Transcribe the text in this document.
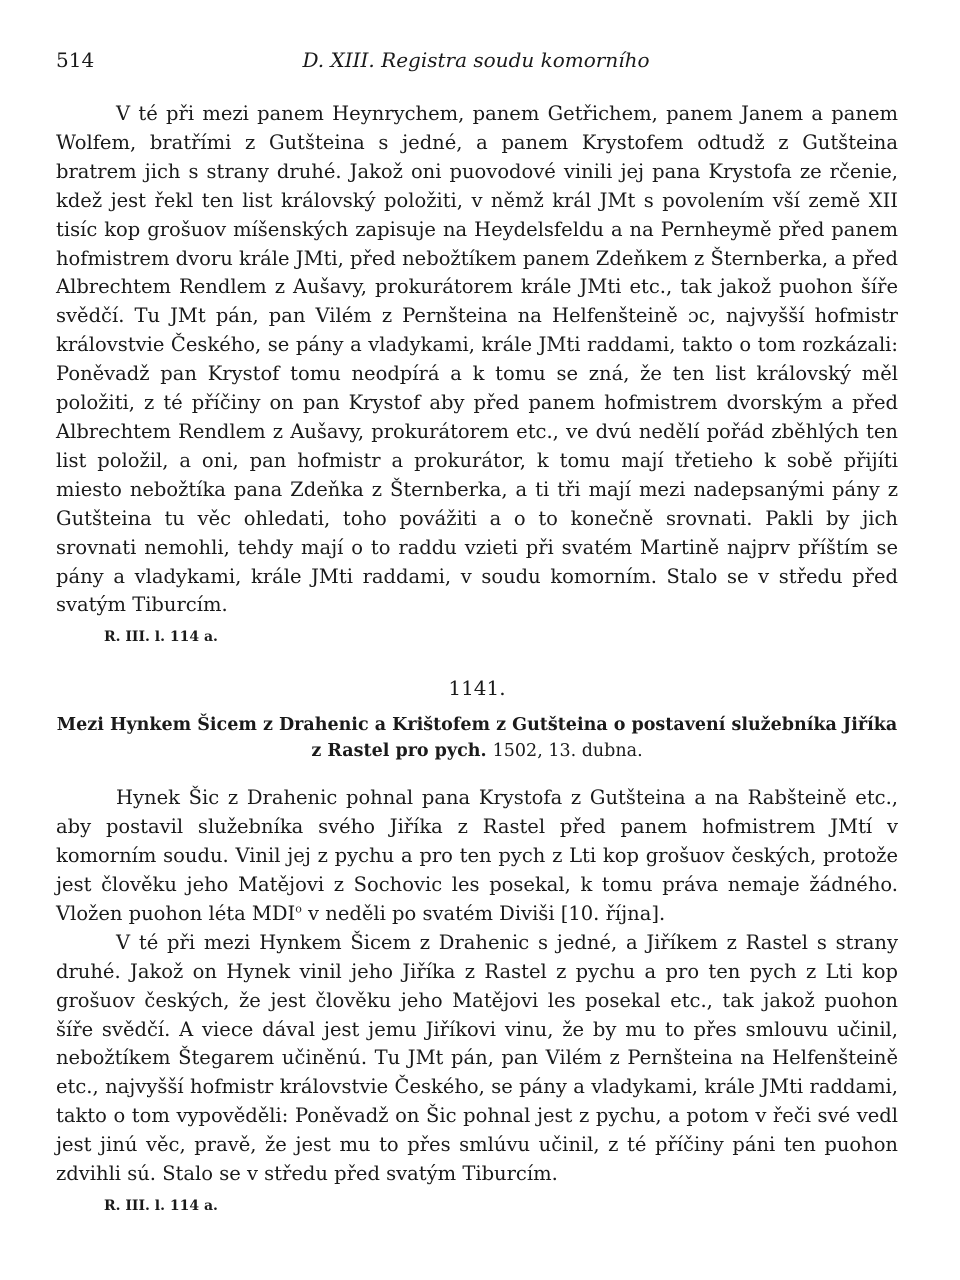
514	D. XIII. Registra soudu komorního

V té při mezi panem Heynrychem, panem Getřichem, panem Janem a panem Wolfem, bratřími z Gutšteina s jedné, a panem Krystofem odtudž z Gutšteina bratrem jich s strany druhé. Jakož oni puovodové vinili jej pana Krystofa ze rčenie, kdež jest řekl ten list královský položiti, v němž král JMt s povolením vší země XII tisíc kop grošuov míšenských zapisuje na Heydelsfeldu a na Pernheymě před panem hofmistrem dvoru krále JMti, před nebožtíkem panem Zdeňkem z Šternberka, a před Albrechtem Rendlem z Aušavy, prokurátorem krále JMti etc., tak jakož puohon šíře svědčí. Tu JMt pán, pan Vilém z Pernšteina na Helfenšteině ɔc, najvyšší hofmistr královstvie Českého, se pány a vladykami, krále JMti raddami, takto o tom rozkázali: Poněvadž pan Krystof tomu neodpírá a k tomu se zná, že ten list královský měl položiti, z té příčiny on pan Krystof aby před panem hofmistrem dvorským a před Albrechtem Rendlem z Aušavy, prokurátorem etc., ve dvú nedělí pořád zběhlých ten list položil, a oni, pan hofmistr a prokurátor, k tomu mají třetieho k sobě přijíti miesto nebožtíka pana Zdeňka z Šternberka, a ti tři mají mezi nadepsanými pány z Gutšteina tu věc ohledati, toho povážiti a o to konečně srovnati. Pakli by jich srovnati nemohli, tehdy mají o to raddu vzieti při svatém Martině najprv příštím se pány a vladykami, krále JMti raddami, v soudu komorním. Stalo se v středu před svatým Tiburcím.

R. III. l. 114 a.
1141.
Mezi Hynkem Šicem z Drahenic a Krištofem z Gutšteina o postavení služebníka Jiříka
z Rastel pro pych. 1502, 13. dubna.

Hynek Šic z Drahenic pohnal pana Krystofa z Gutšteina a na Rabšteině etc., aby postavil služebníka svého Jiříka z Rastel před panem hofmistrem JMtí v komorním soudu. Vinil jej z pychu a pro ten pych z Lti kop grošuov českých, protože jest člověku jeho Matějovi z Sochovic les posekal, k tomu práva nemaje žádného. Vložen puohon léta MDI$^o$ v neděli po svatém Diviši [10. října].

V té při mezi Hynkem Šicem z Drahenic s jedné, a Jiříkem z Rastel s strany druhé. Jakož on Hynek vinil jeho Jiříka z Rastel z pychu a pro ten pych z Lti kop grošuov českých, že jest člověku jeho Matějovi les posekal etc., tak jakož puohon šíře svědčí. A viece dával jest jemu Jiříkovi vinu, že by mu to přes smlouvu učinil, nebožtíkem Štegarem učiněnú. Tu JMt pán, pan Vilém z Pernšteina na Helfenšteině etc., najvyšší hofmistr královstvie Českého, se pány a vladykami, krále JMti raddami, takto o tom vypověděli: Poněvadž on Šic pohnal jest z pychu, a potom v řeči své vedl jest jinú věc, pravě, že jest mu to přes smlúvu učinil, z té příčiny páni ten puohon zdvihli sú. Stalo se v středu před svatým Tiburcím.

R. III. l. 114 a.
